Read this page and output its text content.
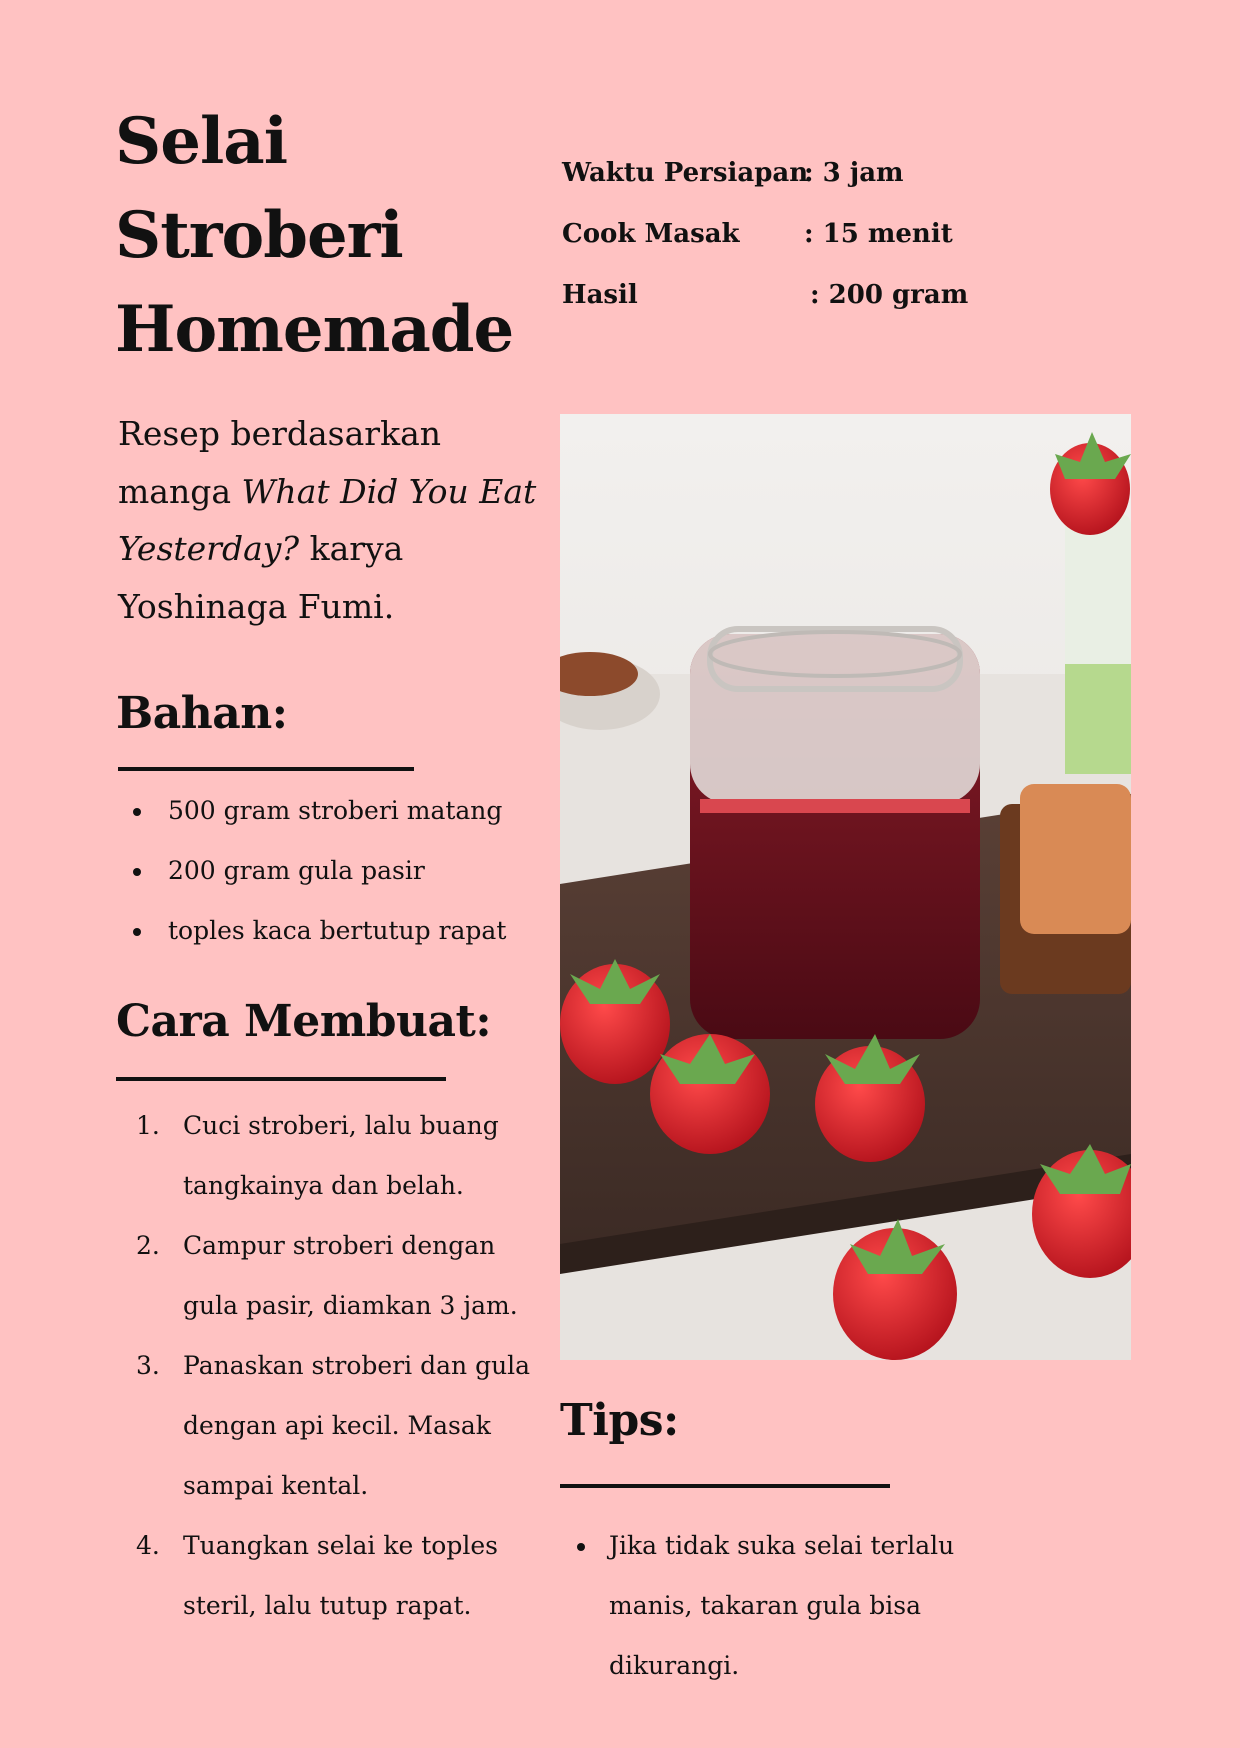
Selai
Stroberi
Homemade
Waktu Persiapan
: 3 jam
Cook Masak : 15 menit
Hasil	: 200 gram
Resep berdasarkan manga What Did You Eat Yesterday? karya Yoshinaga Fumi.
Bahan:
500 gram stroberi matang
200 gram gula pasir
toples kaca bertutup rapat
Cara Membuat:
1. Cuci stroberi, lalu buang tangkainya dan belah.
2. Campur stroberi dengan gula pasir, diamkan 3 jam.
3. Panaskan stroberi dan gula dengan api kecil. Masak sampai kental.
4. Tuangkan selai ke toples steril, lalu tutup rapat.
Tips:
Jika tidak suka selai terlalu manis, takaran gula bisa dikurangi.
